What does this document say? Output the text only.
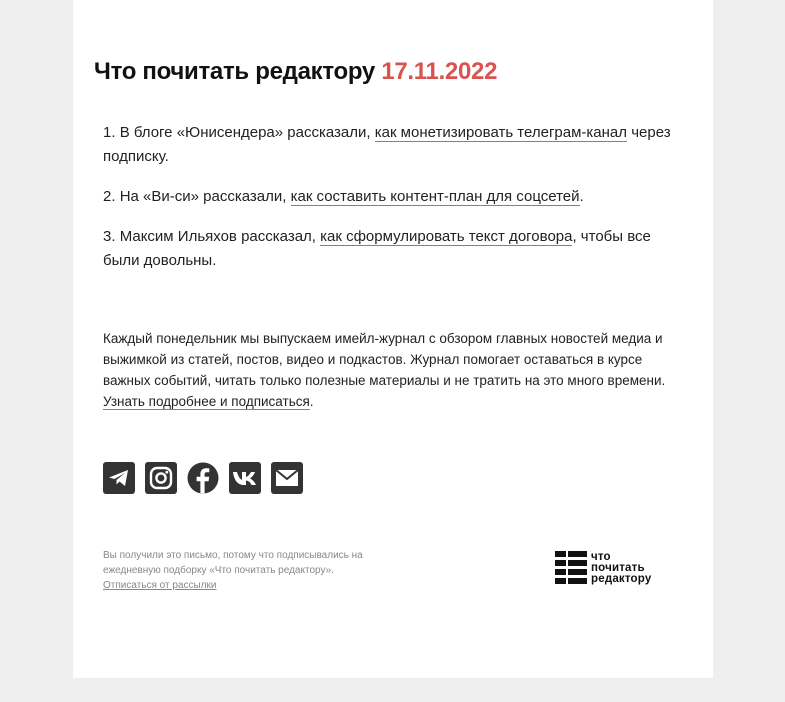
Что почитать редактору 17.11.2022

1. В блоге «Юнисендера» рассказали, как монетизировать телеграм-канал через подписку.

2. На «Ви-си» рассказали, как составить контент-план для соцсетей.

3. Максим Ильяхов рассказал, как сформулировать текст договора, чтобы все были довольны.

Каждый понедельник мы выпускаем имейл-журнал с обзором главных новостей медиа и выжимкой из статей, постов, видео и подкастов. Журнал помогает оставаться в курсе важных событий, читать только полезные материалы и не тратить на это много времени. Узнать подробнее и подписаться.

Вы получили это письмо, потому что подписывались на ежедневную подборку «Что почитать редактору».
Отписаться от рассылки
что
почитать
редактору
